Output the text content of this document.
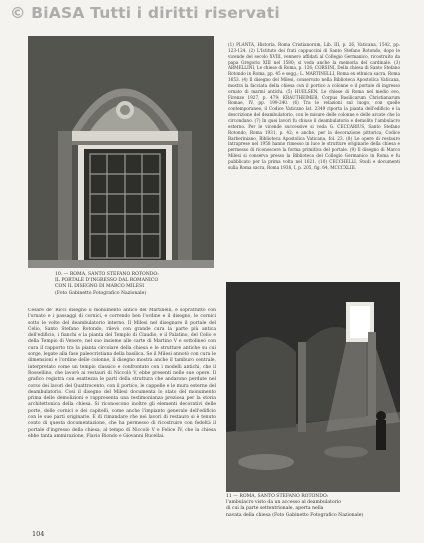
© BiASA Tutti i diritti riservati
10. — ROMA, SANTO STEFANO ROTONDO:
IL PORTALE D'INGRESSO DAL ROMANICO
CON IL DISEGNO DI MARCO MILESI
(Foto Gabinetto Fotografico Nazionale)

(1) PLANTA, Historia, Roma Cristianorum, Lib. III, p. 26, Vaticana, 1542, pp. 123-124. (2) L'Istituto dei frati cappuccini di Santo Stefano Rotondo, dopo le vicende del secolo XVIII, vennero affidati al Collegio Germanico, ricostruito da papa Gregorio XIII nel 1580; si veda anche la memoria del cardinale. (3) ARMELLINI, Le chiese di Roma, p. 126; CORSINI, Della chiesa di Santo Stefano Rotondo in Roma, pp. 45 e segg.; L. MARTINELLI, Roma ex ethnica sacra, Roma 1653. (4) Il disegno del Milesi, conservato nella Biblioteca Apostolica Vaticana, mostra la facciata della chiesa con il portico a colonne e il portale di ingresso ornato di marmi antichi. (5) HUELSEN, Le chiese di Roma nel medio evo, Firenze 1927, p. 479; KRAUTHEIMER, Corpus Basilicarum Christianarum Romae, IV, pp. 199-240. (6) Tra le relazioni sul luogo, con quelle contemporanee, il Codice Vaticano lat. 2349 riporta la pianta dell'edificio e la descrizione del deambulatorio, con le misure delle colonne e delle arcate che lo circondano. (7) In quei lavori fu chiuso il deambulatorio e demolito l'ambulacro esterno. Per le vicende successive si veda G. CECCARIUS, Santo Stefano Rotondo, Roma 1931, p. 42; e anche, per la decorazione pittorica, Codice Barberiniano, Biblioteca Apostolica Vaticana, fol. 23. (8) Le opere di restauro intraprese nel 1958 hanno rimesso in luce le strutture originarie della chiesa e permesso di riconoscere la forma primitiva del portale. (9) Il disegno di Marco Milesi si conserva presso la Biblioteca del Collegio Germanico in Roma e fu pubblicato per la prima volta nel 1621. (10) CECCHELLI, Studi e documenti sulla Roma sacra, Roma 1938, I, p. 205, fig. 64, MCCCXLIII.

11 — ROMA, SANTO STEFANO ROTONDO:
l'ambulacro visto da un accesso al deambulatorio
di cui la parte settentrionale, aperta nella
navata della chiesa (Foto Gabinetto Fotografico Nazionale)

Cesare de' Ricci disegnò il monumento antico del Martinelli, e soprattutto con l'ornato e i passaggi di cornici, e correndo ben l'ordine e il disegno, le cornici sotto le volte del deambulatorio interno. Il Milesi nel disegnare il portale del Celio, Santo Stefano Rotondo, rilevò con grande cura la parte più antica dell'edificio, i fianchi e la pianta del Templo di Claudio, e il Palatino, del Celio e della Tempio di Venere, nel suo insieme alle carte di Martino V e sottolineò con cura il rapporto tra la pianta circolare della chiesa e le strutture antiche su cui sorge, legate alla fase paleocristiana della basilica. Se il Milesi annotò con cura le dimensioni e l'ordine delle colonne, il disegno mostra anche il tamburo centrale, interpretato come un tempio classico e confrontato con i modelli antichi, che il Rossellino, che lavorò ai restauri di Niccolò V, ebbe presenti nelle sue opere. Il grafico registra con esattezza le parti della struttura che andarono perdute nel corso dei lavori del Quattrocento, con il portico, le cappelle e le mura esterne del deambulatorio. Così il disegno del Milesi documenta lo stato del monumento prima delle demolizioni e rappresenta una testimonianza preziosa per la storia architettonica della chiesa. Si riconoscono inoltre gli elementi decorativi delle porte, delle cornici e dei capitelli, come anche l'impianto generale dell'edificio con le sue parti originarie. E di rimandare che nei lavori di restauro si è tenuto conto di questa documentazione, che ha permesso di ricostruire con fedeltà il portale d'ingresso della chiesa, al tempo di Niccolò V e Felice IV, che la chiesa ebbe tanta ammirazione, Flavio Biondo e Giovanni Rucellai.

104
